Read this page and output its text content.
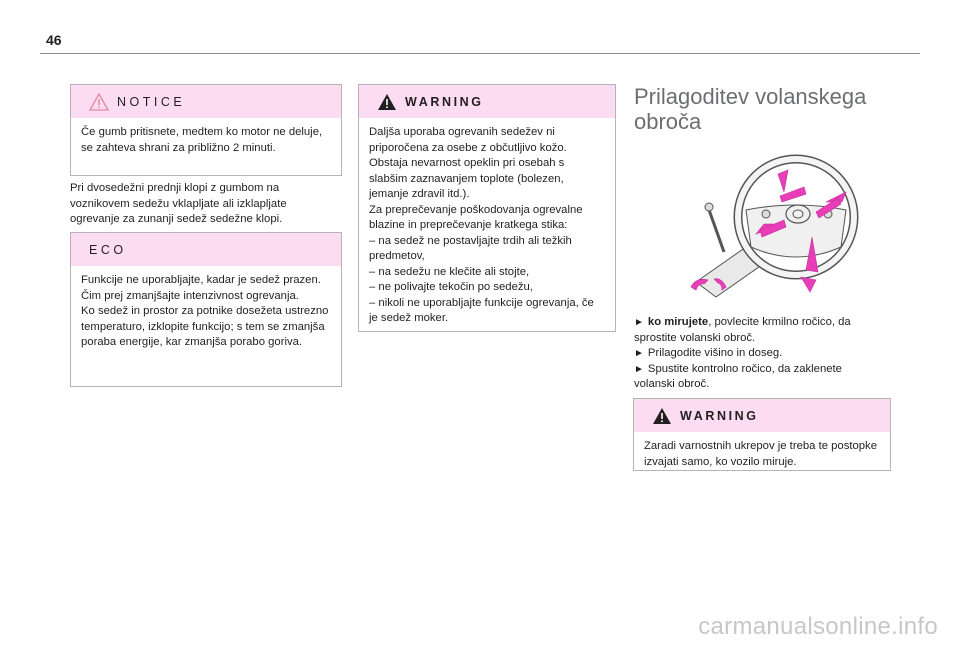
46
NOTICE
Če gumb pritisnete, medtem ko motor ne deluje, se zahteva shrani za približno 2 minuti.
Pri dvosedežni prednji klopi z gumbom na voznikovem sedežu vklapljate ali izklapljate ogrevanje za zunanji sedež sedežne klopi.
ECO
Funkcije ne uporabljajte, kadar je sedež prazen.
Čim prej zmanjšajte intenzivnost ogrevanja.
Ko sedež in prostor za potnike dosežeta ustrezno temperaturo, izklopite funkcijo; s tem se zmanjša poraba energije, kar zmanjša porabo goriva.
WARNING
Daljša uporaba ogrevanih sedežev ni priporočena za osebe z občutljivo kožo.
Obstaja nevarnost opeklin pri osebah s slabšim zaznavanjem toplote (bolezen, jemanje zdravil itd.).
Za preprečevanje poškodovanja ogrevalne blazine in preprečevanje kratkega stika:
– na sedež ne postavljajte trdih ali težkih predmetov,
– na sedežu ne klečite ali stojte,
– ne polivajte tekočin po sedežu,
– nikoli ne uporabljajte funkcije ogrevanja, če je sedež moker.
Prilagoditev volanskega obroča
► ko mirujete, povlecite krmilno ročico, da sprostite volanski obroč.
► Prilagodite višino in doseg.
► Spustite kontrolno ročico, da zaklenete volanski obroč.
WARNING
Zaradi varnostnih ukrepov je treba te postopke izvajati samo, ko vozilo miruje.
carmanualsonline.info
